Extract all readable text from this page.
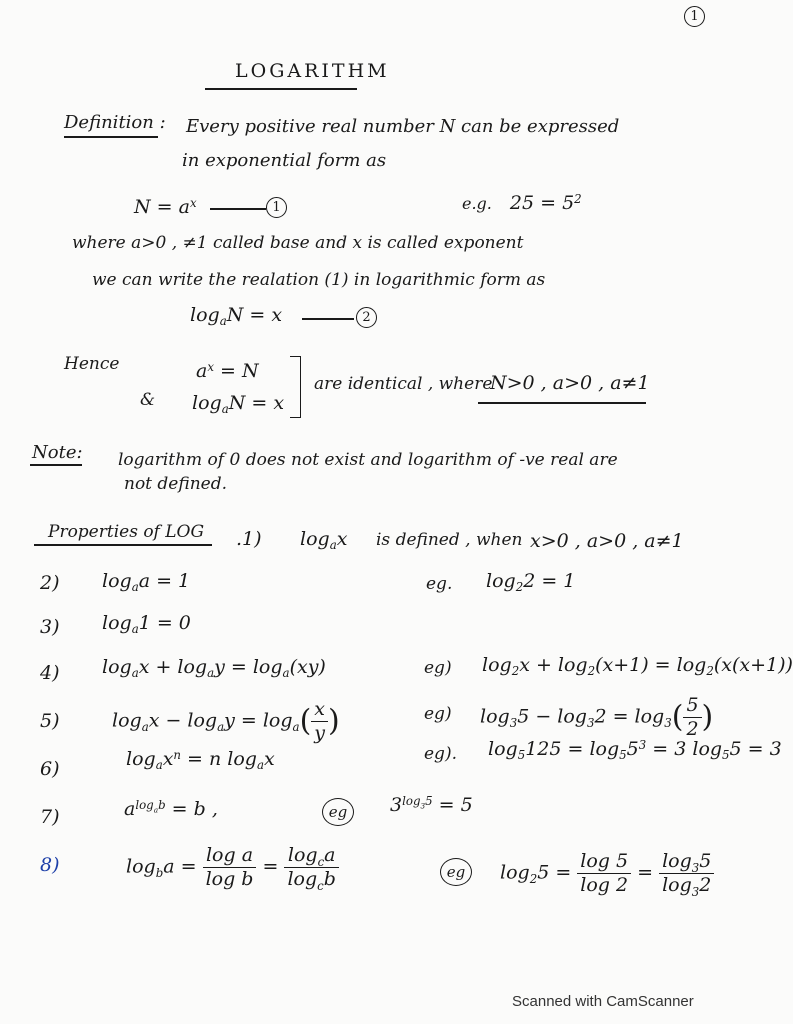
1
LOGARITHM
Definition : Every positive real number N can be expressed
in exponential form as
$N = a^x$	1	e.g. $25 = 5^2$
where a>0 , ≠1 called base and x is called exponent
we can write the realation (1) in logarithmic form as
$\log_aN = x$	2
Hence
&
$a^x = N$
$\log_aN = x$
are identical , where
N>0 , a>0 , a≠1
Note: logarithm of 0 does not exist and logarithm of -ve real are
not defined.
Properties of LOG .1) $\log_ax$ is defined , when x>0 , a>0 , a≠1
2) $\log_aa = 1$	eg. $\log_22 = 1$
3) $\log_a1 = 0$
4) $\log_ax + \log_ay = \log_a(xy)$	eg) $\log_2x + \log_2(x+1) = \log_2(x(x+1))$
5)	$\log_ax - \log_ay = \log_a( \frac{x}{y}$ )	eg) $\log_35 - \log_32 = \log_3( \frac{5}{2}$ )
6)	$\log_ax^n = n$ $\log_ax$	eg). $\log_5125 = \log_55^3 = 3$ $\log_55 = 3$
7)	$a^{log_ab} = b$ ,	eg	$3^{log_35} = 5$
8)	$\log_ba = \frac{\text{log a}}{\text{log b}} = \frac{\log_ca}{\log_cb}$	eg	$\log_25 = \frac{\log 5}{\log 2} = \frac{\log_35}{\log_32}$
Scanned with CamScanner
